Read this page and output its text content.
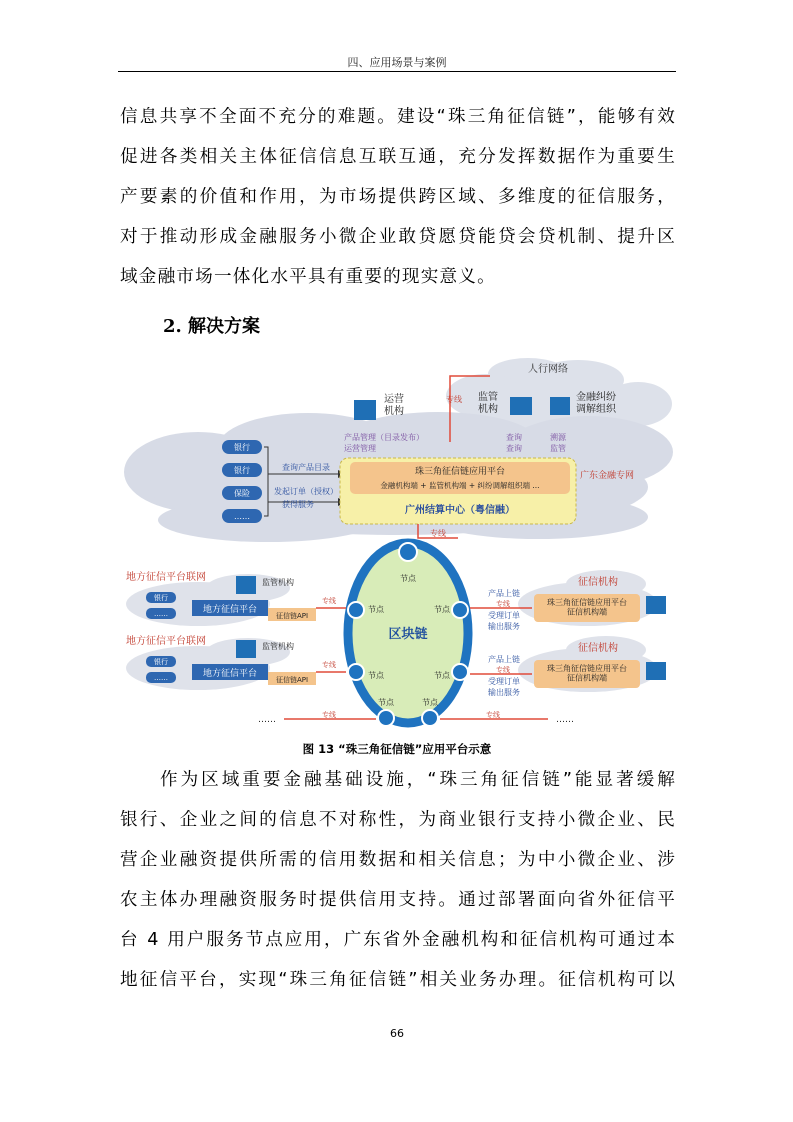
四、应用场景与案例
信息共享不全面不充分的难题。建设“珠三角征信链”，能够有效
促进各类相关主体征信信息互联互通，充分发挥数据作为重要生
产要素的价值和作用，为市场提供跨区域、多维度的征信服务，
对于推动形成金融服务小微企业敢贷愿贷能贷会贷机制、提升区
域金融市场一体化水平具有重要的现实意义。
2. 解决方案
人行网络
专线 监管机构
金融纠纷调解组织
运营机构
产品管理（目录发布）
运营管理
查询	溯源
查询	监管
银行
银行
保险
……
查询产品目录
发起订单（授权）
获得服务
珠三角征信链应用平台
金融机构端 + 监管机构端 + 纠纷调解组织端 ...
广州结算中心（粤信融）
广东金融专网
专线
区块链
节点
节点	节点
节点	节点
节点	节点
地方征信平台联网	监管机构
银行
……	地方征信平台
征信链API
专线
地方征信平台联网	监管机构
银行
……	地方征信平台
征信链API
专线
征信机构
珠三角征信链应用平台征信机构端
产品上链
专线
受理订单
输出服务
征信机构
珠三角征信链应用平台征信机构端
产品上链
专线
受理订单
输出服务
……	……
专线	专线
图 13 “珠三角征信链”应用平台示意
作为区域重要金融基础设施，“珠三角征信链”能显著缓解
银行、企业之间的信息不对称性，为商业银行支持小微企业、民
营企业融资提供所需的信用数据和相关信息；为中小微企业、涉
农主体办理融资服务时提供信用支持。通过部署面向省外征信平
台 4 用户服务节点应用，广东省外金融机构和征信机构可通过本
地征信平台，实现“珠三角征信链”相关业务办理。征信机构可以
66
